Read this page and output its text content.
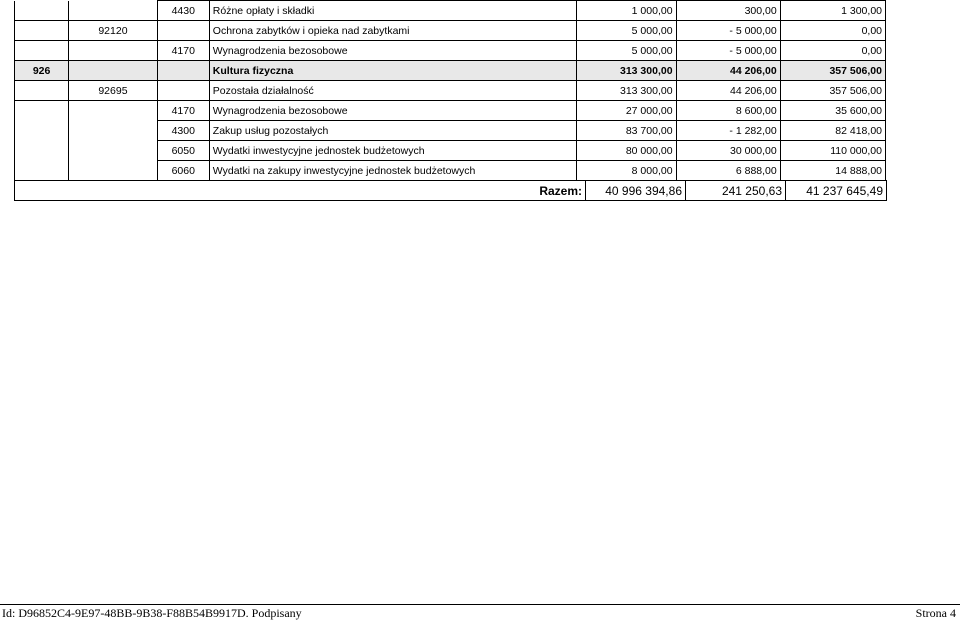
		4430	Różne opłaty i składki	1 000,00	300,00	1 300,00
	92120		Ochrona zabytków i opieka nad zabytkami	5 000,00	- 5 000,00	0,00
		4170	Wynagrodzenia bezosobowe	5 000,00	- 5 000,00	0,00
926			Kultura fizyczna	313 300,00	44 206,00	357 506,00
	92695		Pozostała działalność	313 300,00	44 206,00	357 506,00
		4170	Wynagrodzenia bezosobowe	27 000,00	8 600,00	35 600,00
		4300	Zakup usług pozostałych	83 700,00	- 1 282,00	82 418,00
		6050	Wydatki inwestycyjne jednostek budżetowych	80 000,00	30 000,00	110 000,00
		6060	Wydatki na zakupy inwestycyjne jednostek budżetowych	8 000,00	6 888,00	14 888,00
Razem:	40 996 394,86	241 250,63	41 237 645,49
Id: D96852C4-9E97-48BB-9B38-F88B54B9917D. Podpisany	Strona 4
